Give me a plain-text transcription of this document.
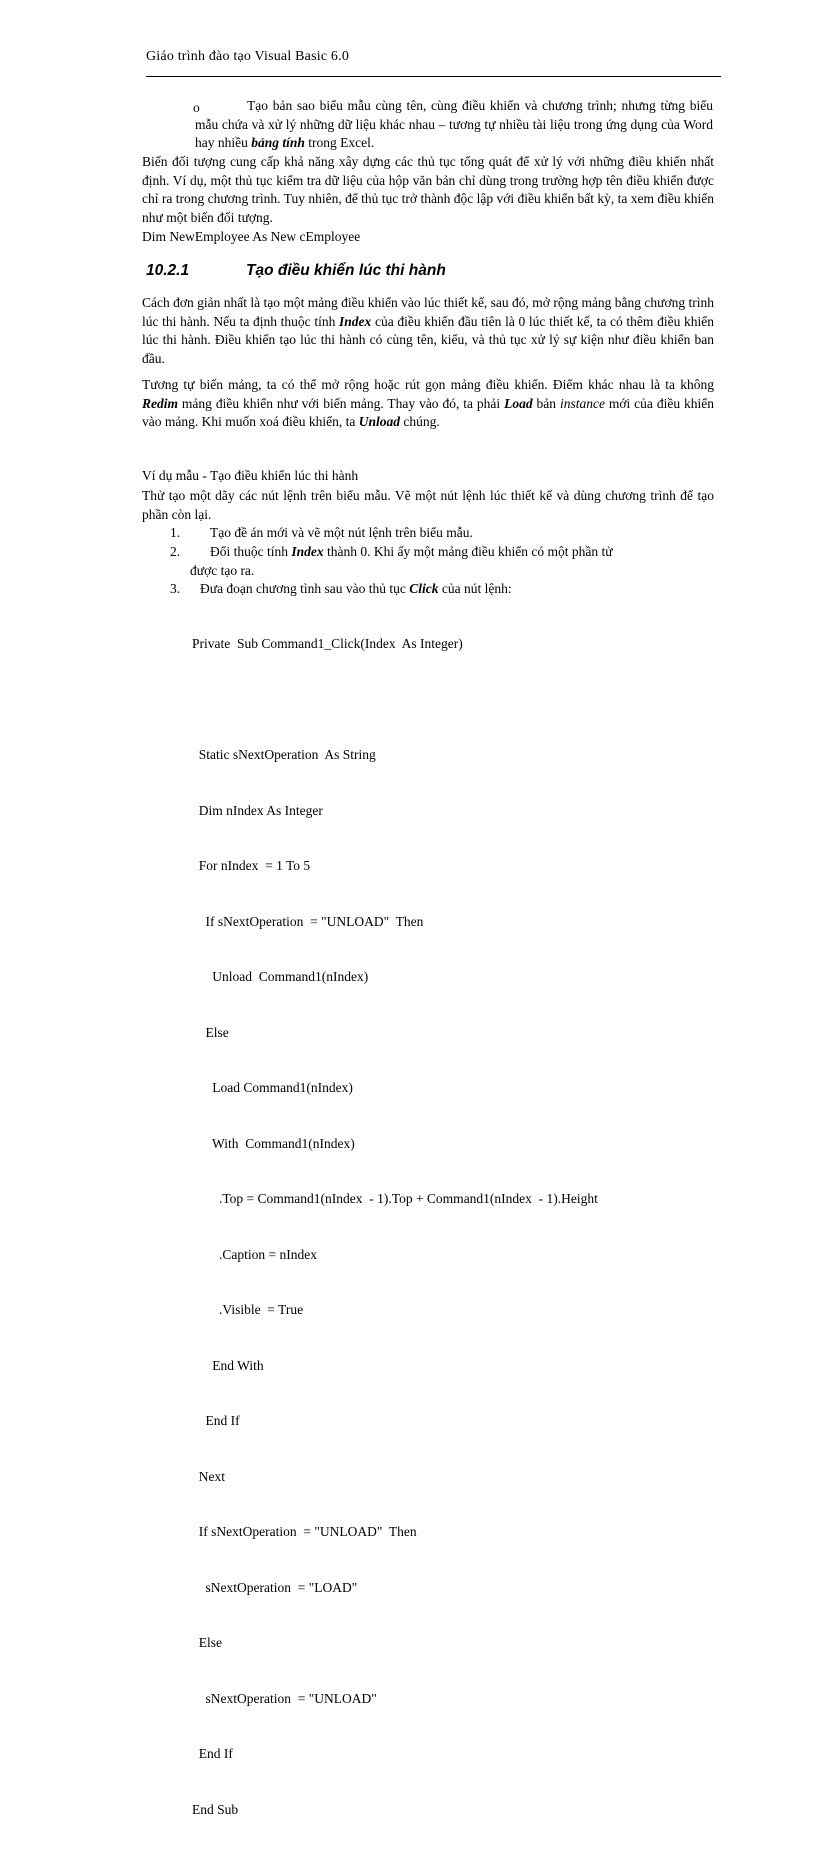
Giáo trình đào tạo Visual Basic 6.0
o	Tạo bản sao biểu mẫu cùng tên, cùng điều khiển và chương trình; nhưng từng biểu mẫu chứa và xử lý những dữ liệu khác nhau – tương tự nhiều tài liệu trong ứng dụng của Word hay nhiều bảng tính trong Excel.
Biến đối tượng cung cấp khả năng xây dựng các thủ tục tổng quát để xử lý với những điều khiển nhất định. Ví dụ, một thủ tục kiểm tra dữ liệu của hộp văn bản chỉ dùng trong trường hợp tên điều khiển được chỉ ra trong chương trình. Tuy nhiên, để thủ tục trở thành độc lập với điều khiển bất kỳ, ta xem điều khiển như một biến đối tượng.
Dim NewEmployee As New cEmployee
10.2.1	Tạo điều khiển lúc thi hành
Cách đơn giản nhất là tạo một mảng điều khiển vào lúc thiết kế, sau đó, mở rộng mảng bằng chương trình lúc thi hành. Nếu ta định thuộc tính Index của điều khiển đầu tiên là 0 lúc thiết kế, ta có thêm điều khiển lúc thi hành. Điều khiển tạo lúc thi hành có cùng tên, kiểu, và thủ tục xử lý sự kiện như điều khiển ban đầu.
Tương tự biến mảng, ta có thể mở rộng hoặc rút gọn mảng điều khiển. Điểm khác nhau là ta không Redim mảng điều khiển như với biến mảng. Thay vào đó, ta phải Load bản instance mới của điều khiển vào mảng. Khi muốn xoá điều khiển, ta Unload chúng.
Ví dụ mẫu - Tạo điều khiển lúc thi hành
Thử tạo một dãy các nút lệnh trên biểu mẫu. Vẽ một nút lệnh lúc thiết kế và dùng chương trình để tạo phần còn lại.
1.	Tạo đề án mới và vẽ một nút lệnh trên biểu mẫu.
2.	Đổi thuộc tính Index thành 0. Khi ấy một mảng điều khiển có một phần tử
được tạo ra.
3.	Đưa đoạn chương tình sau vào thủ tục Click của nút lệnh:

Private  Sub Command1_Click(Index  As Integer)

Static sNextOperation  As String

Dim nIndex As Integer

For nIndex  = 1 To 5

If sNextOperation  = "UNLOAD"  Then

Unload  Command1(nIndex)

Else

Load Command1(nIndex)

With  Command1(nIndex)

.Top = Command1(nIndex  - 1).Top + Command1(nIndex  - 1).Height

.Caption = nIndex

.Visible  = True

End With

End If

Next

If sNextOperation  = "UNLOAD"  Then

sNextOperation  = "LOAD"

Else

sNextOperation  = "UNLOAD"

End If

End Sub
